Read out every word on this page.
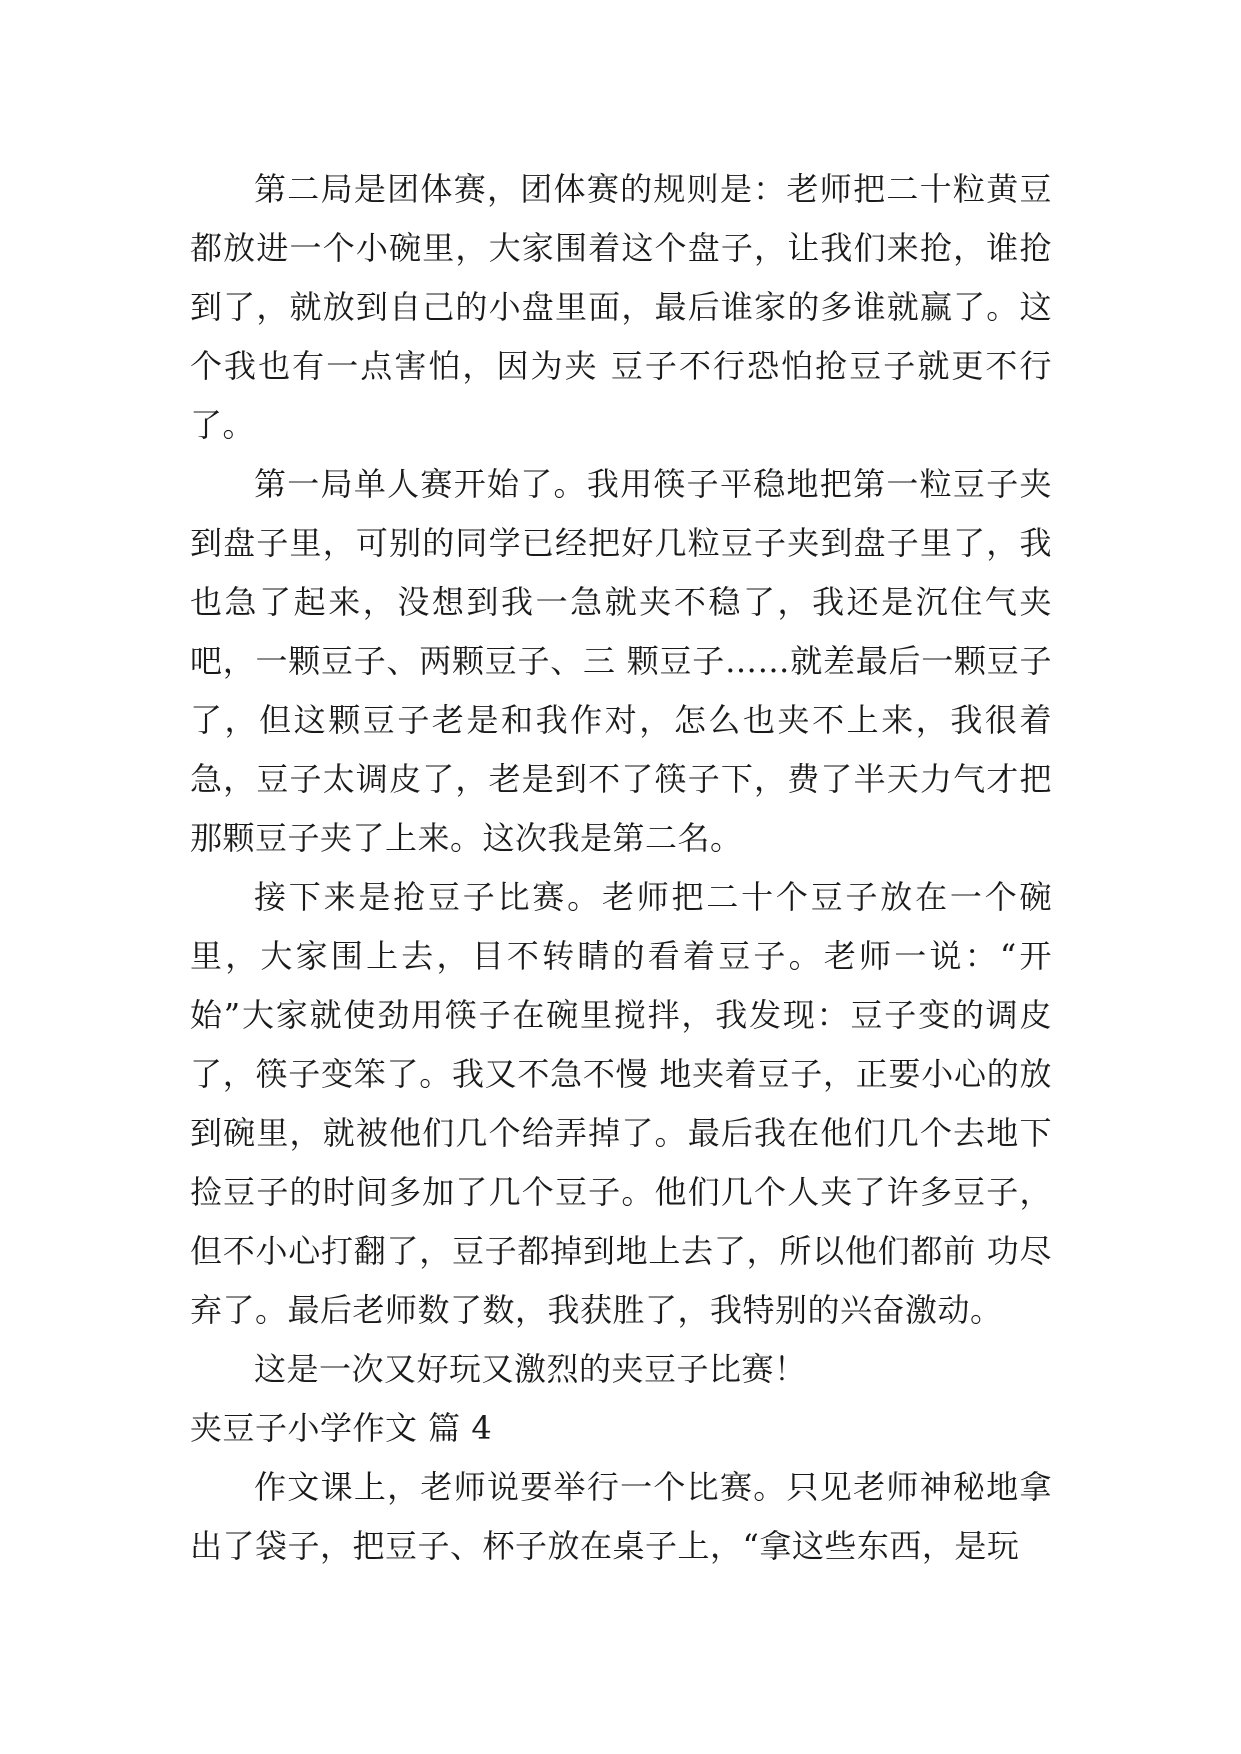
第二局是团体赛，团体赛的规则是：老师把二十粒黄豆都放进一个小碗里，大家围着这个盘子，让我们来抢，谁抢到了，就放到自己的小盘里面，最后谁家的多谁就赢了。这个我也有一点害怕，因为夹 豆子不行恐怕抢豆子就更不行了。

第一局单人赛开始了。我用筷子平稳地把第一粒豆子夹到盘子里，可别的同学已经把好几粒豆子夹到盘子里了，我也急了起来，没想到我一急就夹不稳了，我还是沉住气夹吧，一颗豆子、两颗豆子、三 颗豆子……就差最后一颗豆子了，但这颗豆子老是和我作对，怎么也夹不上来，我很着急，豆子太调皮了，老是到不了筷子下，费了半天力气才把那颗豆子夹了上来。这次我是第二名。

接下来是抢豆子比赛。老师把二十个豆子放在一个碗里，大家围上去，目不转睛的看着豆子。老师一说：“开始”大家就使劲用筷子在碗里搅拌，我发现：豆子变的调皮了，筷子变笨了。我又不急不慢 地夹着豆子，正要小心的放到碗里，就被他们几个给弄掉了。最后我在他们几个去地下捡豆子的时间多加了几个豆子。他们几个人夹了许多豆子，但不小心打翻了，豆子都掉到地上去了，所以他们都前 功尽弃了。最后老师数了数，我获胜了，我特别的兴奋激动。

这是一次又好玩又激烈的夹豆子比赛！

夹豆子小学作文 篇 4

作文课上，老师说要举行一个比赛。只见老师神秘地拿出了袋子，把豆子、杯子放在桌子上，“拿这些东西，是玩
